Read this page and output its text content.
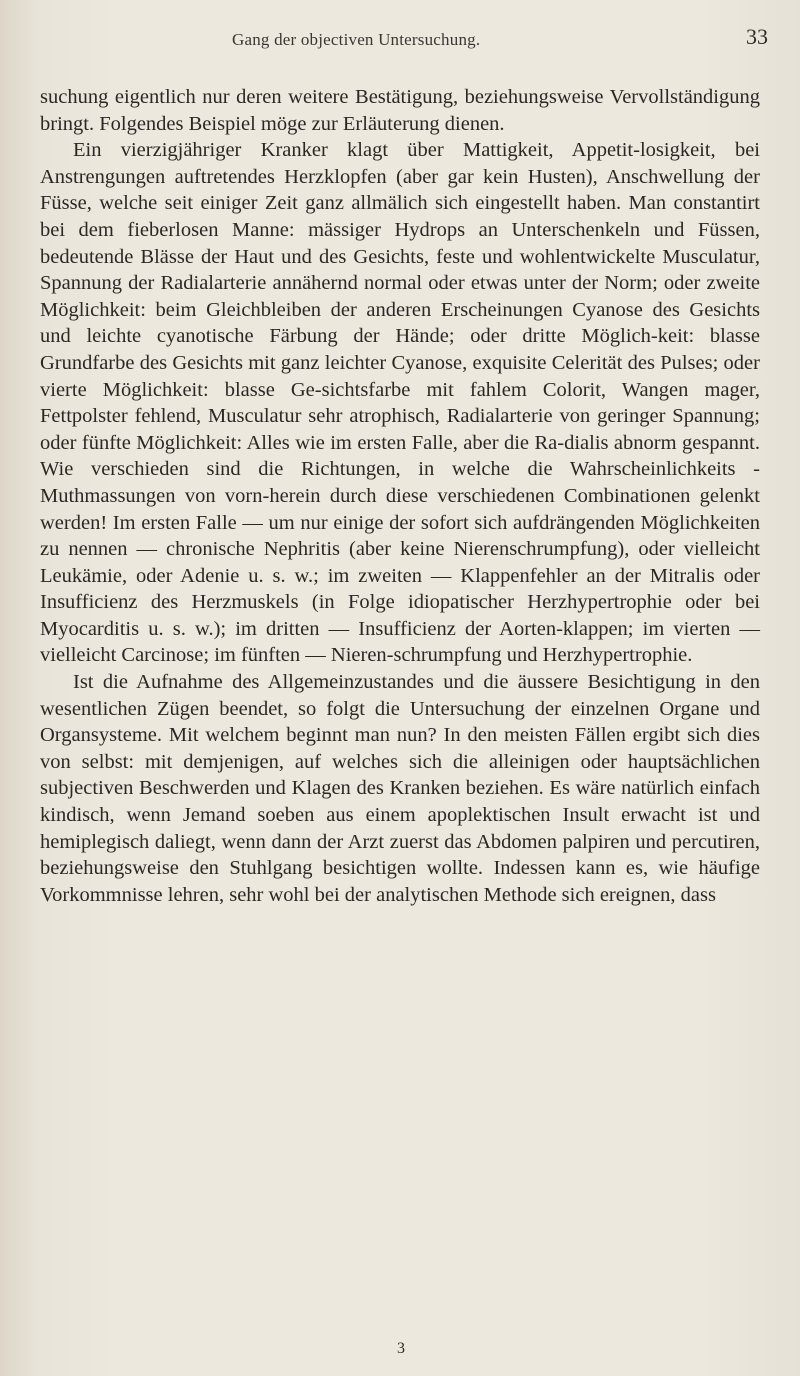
Gang der objectiven Untersuchung.	33

suchung eigentlich nur deren weitere Bestätigung, beziehungsweise Vervollständigung bringt. Folgendes Beispiel möge zur Erläuterung dienen.

Ein vierzigjähriger Kranker klagt über Mattigkeit, Appetit-losigkeit, bei Anstrengungen auftretendes Herzklopfen (aber gar kein Husten), Anschwellung der Füsse, welche seit einiger Zeit ganz allmälich sich eingestellt haben. Man constantirt bei dem fieberlosen Manne: mässiger Hydrops an Unterschenkeln und Füssen, bedeutende Blässe der Haut und des Gesichts, feste und wohlentwickelte Musculatur, Spannung der Radialarterie annähernd normal oder etwas unter der Norm; oder zweite Möglichkeit: beim Gleichbleiben der anderen Erscheinungen Cyanose des Gesichts und leichte cyanotische Färbung der Hände; oder dritte Möglich-keit: blasse Grundfarbe des Gesichts mit ganz leichter Cyanose, exquisite Celerität des Pulses; oder vierte Möglichkeit: blasse Ge-sichtsfarbe mit fahlem Colorit, Wangen mager, Fettpolster fehlend, Musculatur sehr atrophisch, Radialarterie von geringer Spannung; oder fünfte Möglichkeit: Alles wie im ersten Falle, aber die Ra-dialis abnorm gespannt. Wie verschieden sind die Richtungen, in welche die Wahrscheinlichkeits - Muthmassungen von vorn-herein durch diese verschiedenen Combinationen gelenkt werden! Im ersten Falle — um nur einige der sofort sich aufdrängenden Möglichkeiten zu nennen — chronische Nephritis (aber keine Nierenschrumpfung), oder vielleicht Leukämie, oder Adenie u. s. w.; im zweiten — Klappenfehler an der Mitralis oder Insufficienz des Herzmuskels (in Folge idiopatischer Herzhypertrophie oder bei Myocarditis u. s. w.); im dritten — Insufficienz der Aorten-klappen; im vierten — vielleicht Carcinose; im fünften — Nieren-schrumpfung und Herzhypertrophie.

Ist die Aufnahme des Allgemeinzustandes und die äussere Besichtigung in den wesentlichen Zügen beendet, so folgt die Untersuchung der einzelnen Organe und Organsysteme. Mit welchem beginnt man nun? In den meisten Fällen ergibt sich dies von selbst: mit demjenigen, auf welches sich die alleinigen oder hauptsächlichen subjectiven Beschwerden und Klagen des Kranken beziehen. Es wäre natürlich einfach kindisch, wenn Jemand soeben aus einem apoplektischen Insult erwacht ist und hemiplegisch daliegt, wenn dann der Arzt zuerst das Abdomen palpiren und percutiren, beziehungsweise den Stuhlgang besichtigen wollte. Indessen kann es, wie häufige Vorkommnisse lehren, sehr wohl bei der analytischen Methode sich ereignen, dass

3
